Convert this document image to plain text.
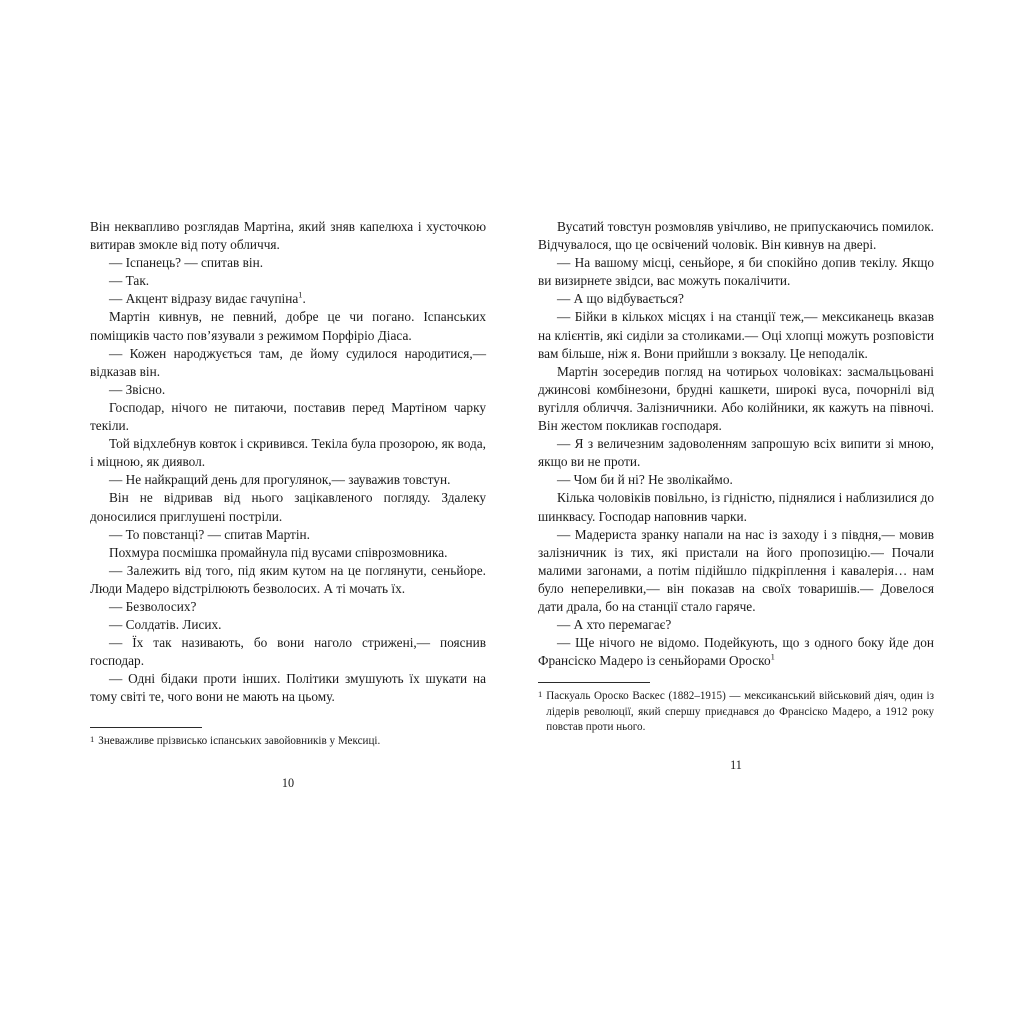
Він неквапливо розглядав Мартіна, який зняв капелюха і хусточкою витирав змокле від поту обличчя.

— Іспанець? — спитав він.

— Так.

— Акцент відразу видає гачупіна$^1$.

Мартін кивнув, не певний, добре це чи погано. Іспанських поміщиків часто пов’язували з режимом Порфіріо Діаса.

— Кожен народжується там, де йому судилося народитися,— відказав він.

— Звісно.

Господар, нічого не питаючи, поставив перед Мартіном чарку текіли.

Той відхлебнув ковток і скривився. Текіла була прозорою, як вода, і міцною, як диявол.

— Не найкращий день для прогулянок,— зауважив товстун.

Він не відривав від нього зацікавленого погляду. Здалеку доносилися приглушені постріли.

— То повстанці? — спитав Мартін.

Похмура посмішка промайнула під вусами співрозмовника.

— Залежить від того, під яким кутом на це поглянути, сеньйоре. Люди Мадеро відстрілюють безволосих. А ті мочать їх.

— Безволосих?

— Солдатів. Лисих.

— Їх так називають, бо вони наголо стрижені,— пояснив господар.

— Одні бідаки проти інших. Політики змушують їх шукати на тому світі те, чого вони не мають на цьому.

1 Зневажливе прізвисько іспанських завойовників у Мексиці.
10

Вусатий товстун розмовляв увічливо, не припускаючись помилок. Відчувалося, що це освічений чоловік. Він кивнув на двері.

— На вашому місці, сеньйоре, я би спокійно допив текілу. Якщо ви визирнете звідси, вас можуть покалічити.

— А що відбувається?

— Бійки в кількох місцях і на станції теж,— мексиканець вказав на клієнтів, які сиділи за столиками.— Оці хлопці можуть розповісти вам більше, ніж я. Вони прийшли з вокзалу. Це неподалік.

Мартін зосередив погляд на чотирьох чоловіках: засмальцьовані джинсові комбінезони, брудні кашкети, широкі вуса, почорнілі від вугілля обличчя. Залізничники. Або колійники, як кажуть на півночі. Він жестом покликав господаря.

— Я з величезним задоволенням запрошую всіх випити зі мною, якщо ви не проти.

— Чом би й ні? Не зволікаймо.

Кілька чоловіків повільно, із гідністю, піднялися і наблизилися до шинквасу. Господар наповнив чарки.

— Мадериста зранку напали на нас із заходу і з півдня,— мовив залізничник із тих, які пристали на його пропозицію.— Почали малими загонами, а потім підійшло підкріплення і кавалерія… нам було непереливки,— він показав на своїх товаришів.— Довелося дати драла, бо на станції стало гаряче.

— А хто перемагає?

— Ще нічого не відомо. Подейкують, що з одного боку йде дон Франсіско Мадеро із сеньйорами Ороско$^1$

1 Паскуаль Ороско Васкес (1882–1915) — мексиканський військовий діяч, один із лідерів революції, який спершу приєднався до Франсіско Мадеро, а 1912 року повстав проти нього.
11
